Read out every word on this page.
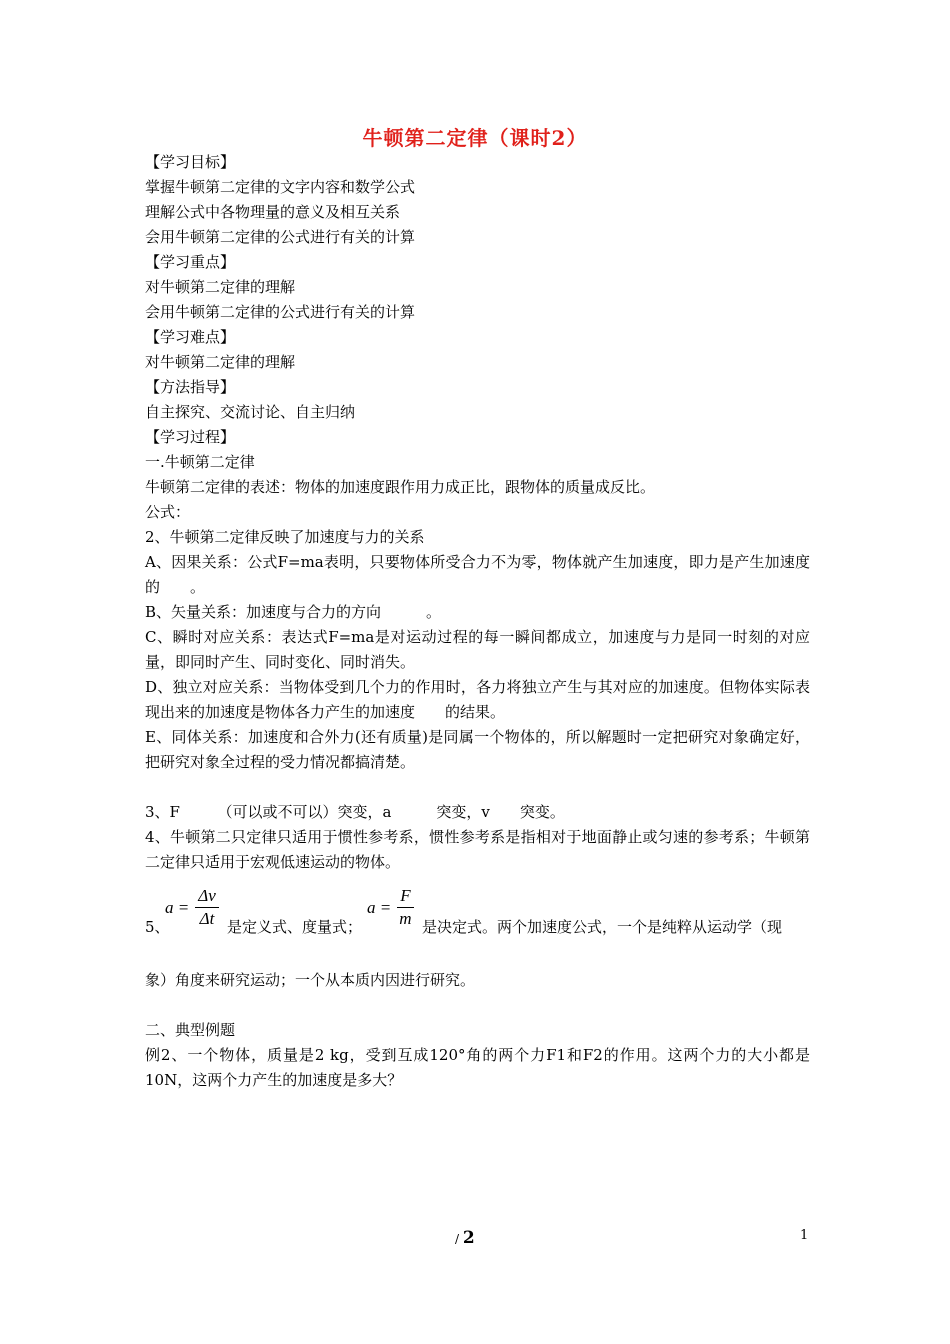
牛顿第二定律（课时2）
【学习目标】
掌握牛顿第二定律的文字内容和数学公式
理解公式中各物理量的意义及相互关系
会用牛顿第二定律的公式进行有关的计算
【学习重点】
对牛顿第二定律的理解
会用牛顿第二定律的公式进行有关的计算
【学习难点】
对牛顿第二定律的理解
【方法指导】
自主探究、交流讨论、自主归纳
【学习过程】
一.牛顿第二定律
牛顿第二定律的表述：物体的加速度跟作用力成正比，跟物体的质量成反比。
公式：
2、牛顿第二定律反映了加速度与力的关系
A、因果关系：公式F=ma表明，只要物体所受合力不为零，物体就产生加速度，即力是产生加速度的　　。
B、矢量关系：加速度与合力的方向　　　。
C、瞬时对应关系：表达式F=ma是对运动过程的每一瞬间都成立，加速度与力是同一时刻的对应量，即同时产生、同时变化、同时消失。
D、独立对应关系：当物体受到几个力的作用时，各力将独立产生与其对应的加速度。但物体实际表现出来的加速度是物体各力产生的加速度　　的结果。
E、同体关系：加速度和合外力(还有质量)是同属一个物体的，所以解题时一定把研究对象确定好，把研究对象全过程的受力情况都搞清楚。
3、F　　　（可以或不可以）突变，a　　　突变，v　　突变。
4、牛顿第二只定律只适用于惯性参考系，惯性参考系是指相对于地面静止或匀速的参考系；牛顿第二定律只适用于宏观低速运动的物体。
5、
$a = \frac{\Delta v}{\Delta t}$ 是定义式、度量式；
$a = \frac{F}{m}$ 是决定式。两个加速度公式，一个是纯粹从运动学（现
象）角度来研究运动；一个从本质内因进行研究。
二、典型例题
例2、一个物体，质量是2 kg，受到互成120°角的两个力F1和F2的作用。这两个力的大小都是10N，这两个力产生的加速度是多大？
/ 2	1
